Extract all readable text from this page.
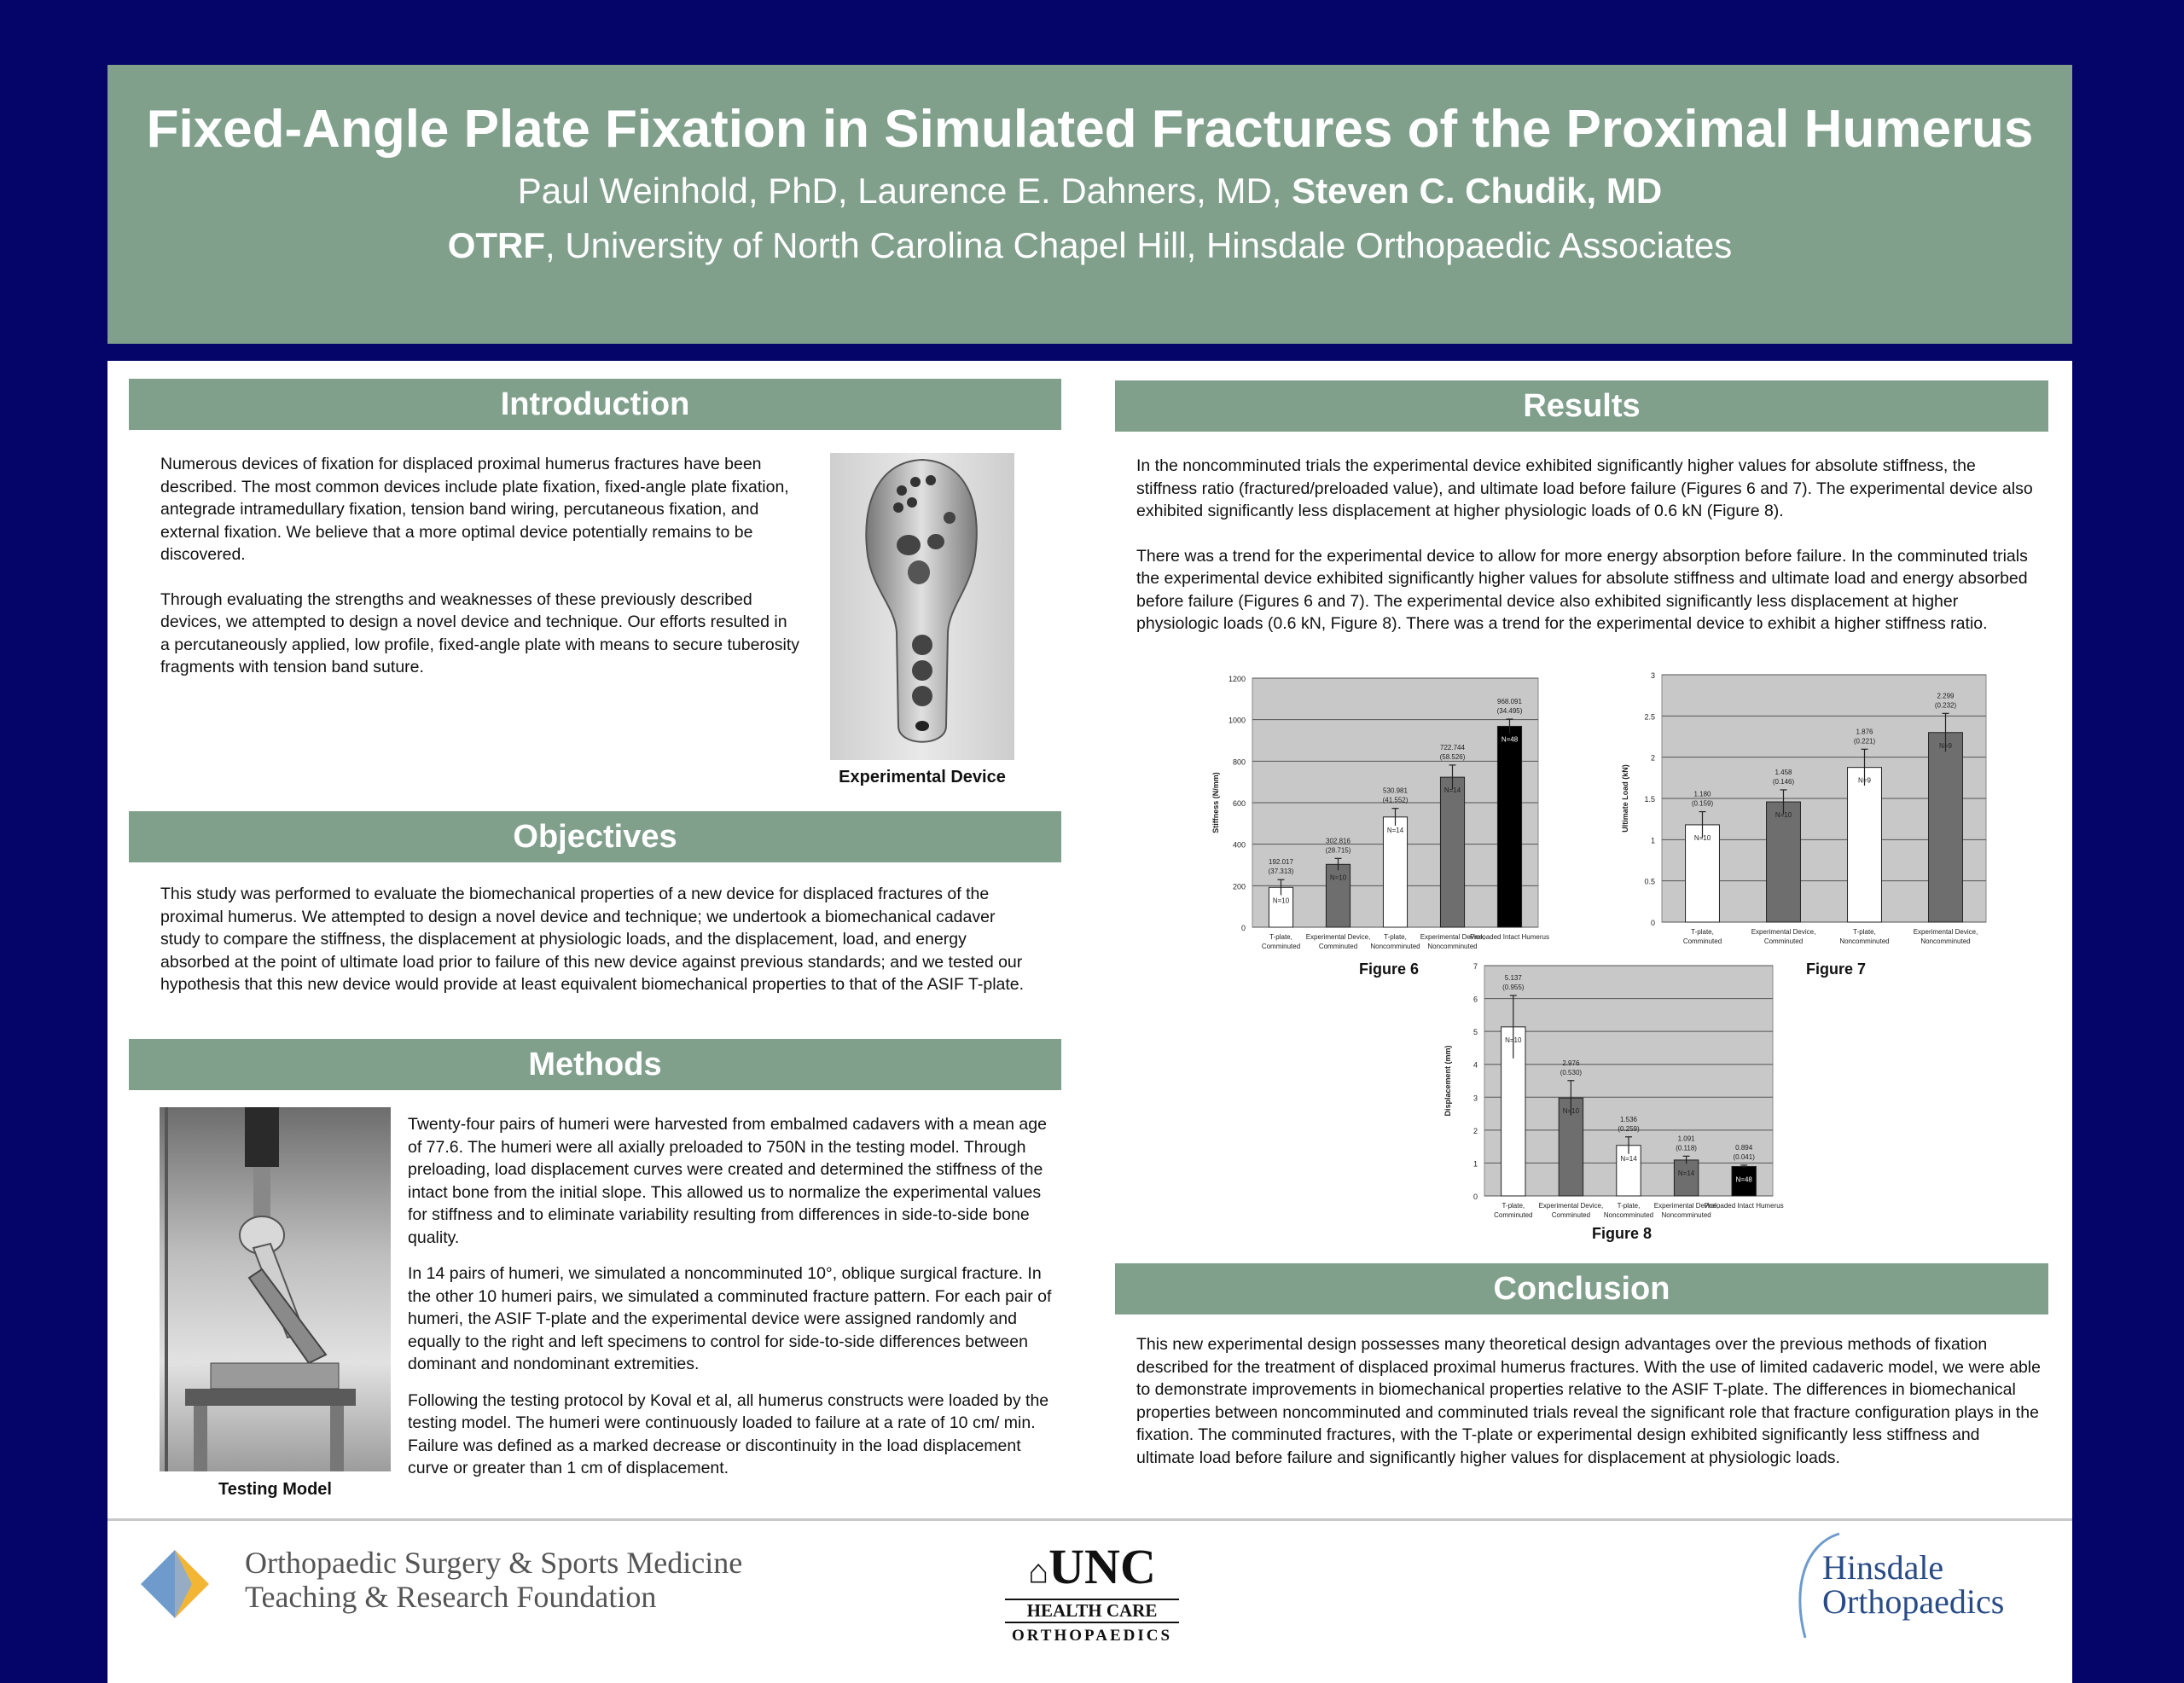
Fixed-Angle Plate Fixation in Simulated Fractures of the Proximal Humerus
Paul Weinhold, PhD, Laurence E. Dahners, MD, Steven C. Chudik, MD
OTRF, University of North Carolina Chapel Hill, Hinsdale Orthopaedic Associates
Introduction

Numerous devices of fixation for displaced proximal humerus fractures have been described. The most common devices include plate fixation, fixed-angle plate fixation, antegrade intramedullary fixation, tension band wiring, percutaneous fixation, and external fixation. We believe that a more optimal device potentially remains to be discovered.

Through evaluating the strengths and weaknesses of these previously described devices, we attempted to design a novel device and technique. Our efforts resulted in a percutaneously applied, low profile, fixed-angle plate with means to secure tuberosity fragments with tension band suture.

Experimental Device
Objectives

This study was performed to evaluate the biomechanical properties of a new device for displaced fractures of the proximal humerus. We attempted to design a novel device and technique; we undertook a biomechanical cadaver study to compare the stiffness, the displacement at physiologic loads, and the displacement, load, and energy absorbed at the point of ultimate load prior to failure of this new device against previous standards; and we tested our hypothesis that this new device would provide at least equivalent biomechanical properties to that of the ASIF T-plate.

Methods
Testing Model

Twenty-four pairs of humeri were harvested from embalmed cadavers with a mean age of 77.6. The humeri were all axially preloaded to 750N in the testing model. Through preloading, load displacement curves were created and determined the stiffness of the intact bone from the initial slope. This allowed us to normalize the experimental values for stiffness and to eliminate variability resulting from differences in side-to-side bone quality.

In 14 pairs of humeri, we simulated a noncomminuted 10°, oblique surgical fracture. In the other 10 humeri pairs, we simulated a comminuted fracture pattern. For each pair of humeri, the ASIF T-plate and the experimental device were assigned randomly and equally to the right and left specimens to control for side-to-side differences between dominant and nondominant extremities.

Following the testing protocol by Koval et al, all humerus constructs were loaded by the testing model. The humeri were continuously loaded to failure at a rate of 10 cm/ min. Failure was defined as a marked decrease or discontinuity in the load displacement curve or greater than 1 cm of displacement.

Results

In the noncomminuted trials the experimental device exhibited significantly higher values for absolute stiffness, the stiffness ratio (fractured/preloaded value), and ultimate load before failure (Figures 6 and 7). The experimental device also exhibited significantly less displacement at higher physiologic loads of 0.6 kN (Figure 8).

There was a trend for the experimental device to allow for more energy absorption before failure. In the comminuted trials the experimental device exhibited significantly higher values for absolute stiffness and ultimate load and energy absorbed before failure (Figures 6 and 7). The experimental device also exhibited significantly less displacement at higher physiologic loads (0.6 kN, Figure 8). There was a trend for the experimental device to exhibit a higher stiffness ratio.

0
200
400
600
800
1000
1200
Stiffness (N/mm)
192.017
(37.313)
N=10
T-plate,
Comminuted
302.816
(28.715)
N=10
Experimental Device,
Comminuted
530.981
(41.552)
N=14
T-plate,
Noncomminuted
722.744
(58.526)
N=14
Experimental Device,
Noncomminuted
968.091
(34.495)
N=48
Preloaded Intact Humerus
Figure 6
0
0.5
1
1.5
2
2.5
3
Ultimate Load (kN)	1.180
(0.159)
N=10
T-plate,
Comminuted
1.458
(0.146)
N=10
Experimental Device,
Comminuted
1.876
(0.221)
N=9
T-plate,
Noncomminuted
2.299
(0.232)
N=9
Experimental Device,
Noncomminuted
Figure 7
0
1
2
3
4
5
6
7
Displacement (mm)
5.137
(0.955)
N=10
T-plate,
Comminuted
2.976
(0.530)
N=10
Experimental Device,
Comminuted
1.536
(0.259)
N=14
T-plate,
Noncomminuted
1.091
(0.118)
N=14
Experimental Device,
Noncomminuted
0.894
(0.041)
N=48
Preloaded Intact Humerus
Figure 8
Conclusion

This new experimental design possesses many theoretical design advantages over the previous methods of fixation described for the treatment of displaced proximal humerus fractures. With the use of limited cadaveric model, we were able to demonstrate improvements in biomechanical properties relative to the ASIF T-plate. The differences in biomechanical properties between noncomminuted and comminuted trials reveal the significant role that fracture configuration plays in the fixation. The comminuted fractures, with the T-plate or experimental design exhibited significantly less stiffness and ultimate load before failure and significantly higher values for displacement at physiologic loads.

Orthopaedic Surgery & Sports Medicine
Teaching & Research Foundation
⌂UNC
HEALTH CARE
ORTHOPAEDICS
Hinsdale
Orthopaedics
